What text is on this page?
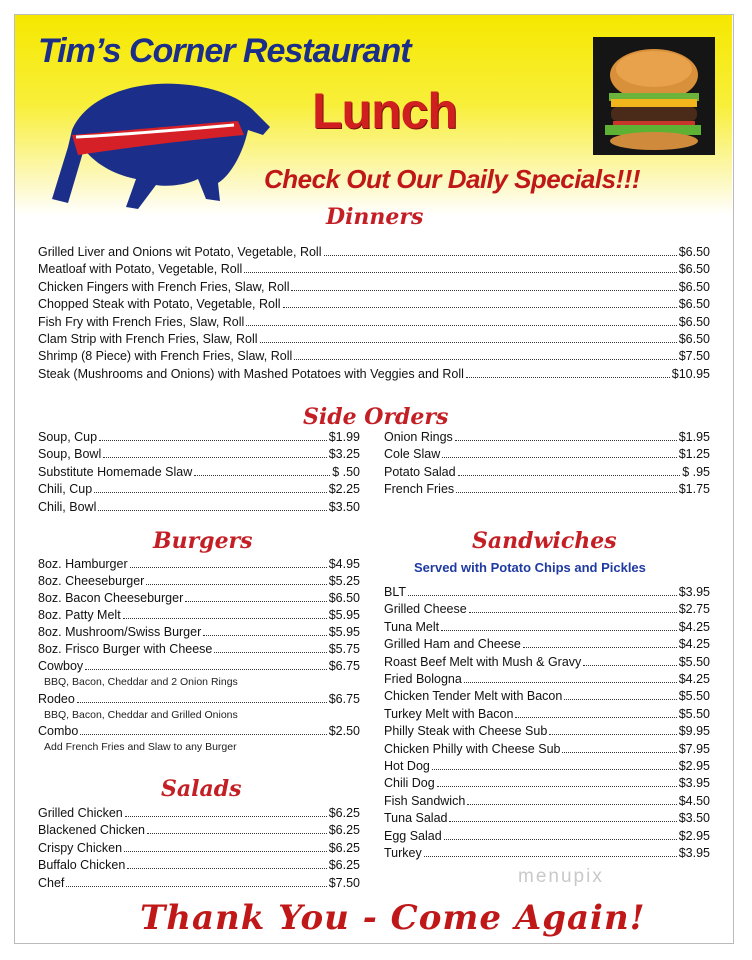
Tim’s Corner Restaurant
Lunch
Check Out Our Daily Specials!!!
Dinners
Grilled Liver and Onions wit Potato, Vegetable, Roll	$6.50
Meatloaf with Potato, Vegetable, Roll	$6.50
Chicken Fingers with French Fries, Slaw, Roll	$6.50
Chopped Steak with Potato, Vegetable, Roll	$6.50
Fish Fry with French Fries, Slaw, Roll	$6.50
Clam Strip with French Fries, Slaw, Roll	$6.50
Shrimp (8 Piece) with French Fries, Slaw, Roll	$7.50
Steak (Mushrooms and Onions) with Mashed Potatoes with Veggies and Roll	$10.95
Side Orders
Soup, Cup	$1.99
Soup, Bowl	$3.25
Substitute Homemade Slaw	$ .50
Chili, Cup	$2.25
Chili, Bowl	$3.50
Onion Rings	$1.95
Cole Slaw	$1.25
Potato Salad	$ .95
French Fries	$1.75
Burgers
8oz. Hamburger	$4.95
8oz. Cheeseburger	$5.25
8oz. Bacon Cheeseburger	$6.50
8oz. Patty Melt	$5.95
8oz. Mushroom/Swiss Burger	$5.95
8oz. Frisco Burger with Cheese	$5.75
Cowboy	$6.75
Rodeo	$6.75
Combo	$2.50
BBQ, Bacon, Cheddar and 2 Onion Rings
BBQ, Bacon, Cheddar and Grilled Onions
Add French Fries and Slaw to any Burger
Salads
Grilled Chicken	$6.25
Blackened Chicken	$6.25
Crispy Chicken	$6.25
Buffalo Chicken	$6.25
Chef	$7.50
Sandwiches
Served with Potato Chips and Pickles
BLT	$3.95
Grilled Cheese	$2.75
Tuna Melt	$4.25
Grilled Ham and Cheese	$4.25
Roast Beef Melt with Mush & Gravy	$5.50
Fried Bologna	$4.25
Chicken Tender Melt with Bacon	$5.50
Turkey Melt with Bacon	$5.50
Philly Steak with Cheese Sub	$9.95
Chicken Philly with Cheese Sub	$7.95
Hot Dog	$2.95
Chili Dog	$3.95
Fish Sandwich	$4.50
Tuna Salad	$3.50
Egg Salad	$2.95
Turkey	$3.95
menupix
Thank You - Come Again!
